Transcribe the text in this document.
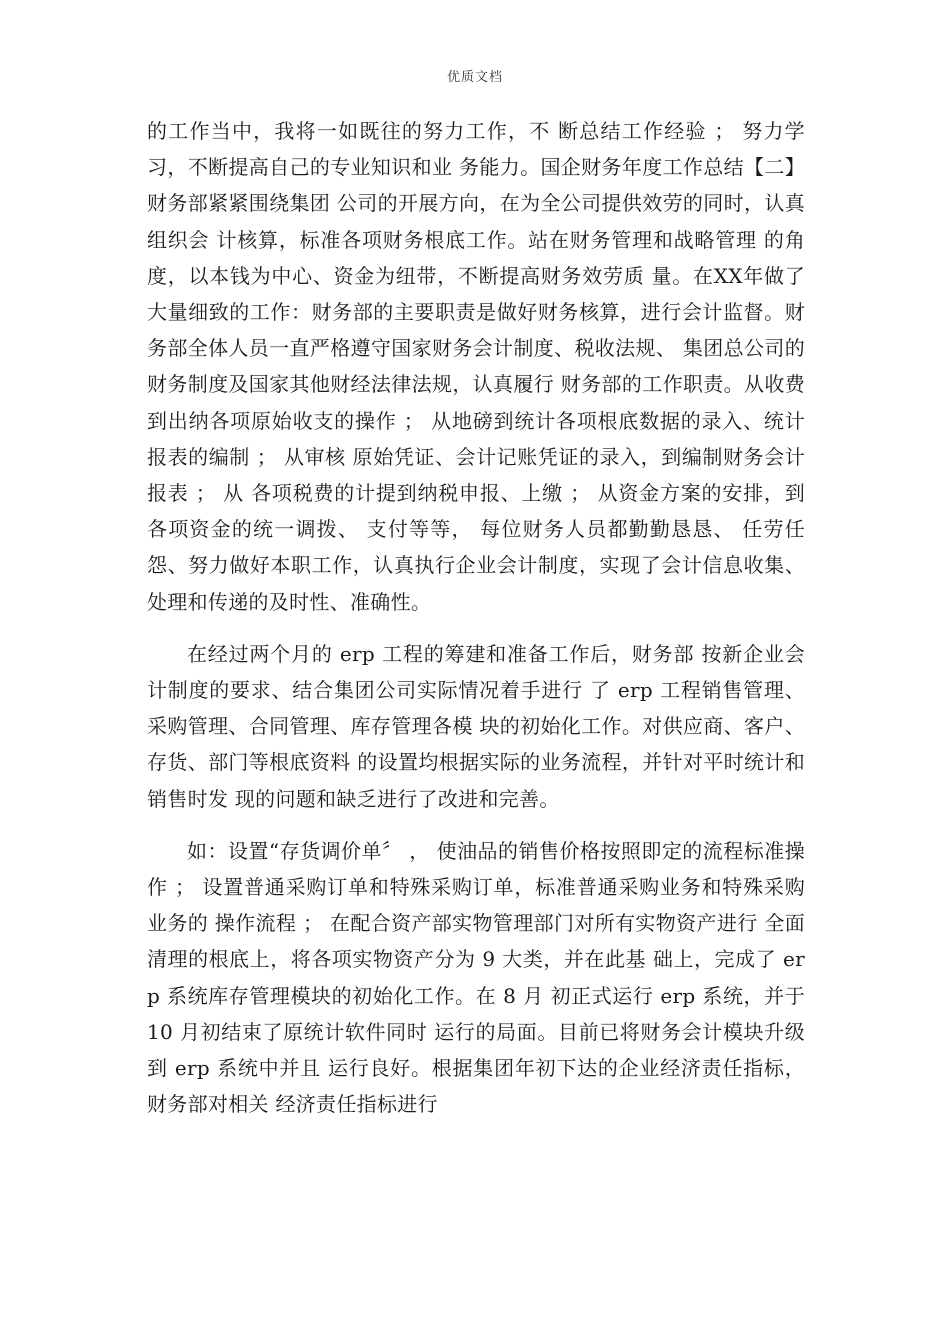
优质文档

的工作当中，我将一如既往的努力工作，不 断总结工作经验 ； 努力学习，不断提高自己的专业知识和业 务能力。国企财务年度工作总结【二】 财务部紧紧围绕集团 公司的开展方向，在为全公司提供效劳的同时，认真组织会 计核算，标准各项财务根底工作。站在财务管理和战略管理 的角度，以本钱为中心、资金为纽带，不断提高财务效劳质 量。在XX年做了大量细致的工作：财务部的主要职责是做好财务核算，进行会计监督。财 务部全体人员一直严格遵守国家财务会计制度、税收法规、 集团总公司的财务制度及国家其他财经法律法规，认真履行 财务部的工作职责。从收费到出纳各项原始收支的操作 ； 从地磅到统计各项根底数据的录入、统计报表的编制 ； 从审核 原始凭证、会计记账凭证的录入，到编制财务会计报表 ； 从 各项税费的计提到纳税申报、上缴 ； 从资金方案的安排，到 各项资金的统一调拨、 支付等等， 每位财务人员都勤勤恳恳、 任劳任怨、努力做好本职工作，认真执行企业会计制度，实现了会计信息收集、处理和传递的及时性、准确性。

在经过两个月的 erp 工程的筹建和准备工作后，财务部 按新企业会计制度的要求、结合集团公司实际情况着手进行 了 erp 工程销售管理、采购管理、合同管理、库存管理各模 块的初始化工作。对供应商、客户、存货、部门等根底资料 的设置均根据实际的业务流程，并针对平时统计和销售时发 现的问题和缺乏进行了改进和完善。

如：设置“存货调价单〞 ， 使油品的销售价格按照即定的流程标准操作 ； 设置普通采购订单和特殊采购订单，标准普通采购业务和特殊采购业务的 操作流程 ； 在配合资产部实物管理部门对所有实物资产进行 全面清理的根底上，将各项实物资产分为 9 大类，并在此基 础上，完成了 erp 系统库存管理模块的初始化工作。在 8 月 初正式运行 erp 系统，并于 10 月初结束了原统计软件同时 运行的局面。目前已将财务会计模块升级到 erp 系统中并且 运行良好。根据集团年初下达的企业经济责任指标，财务部对相关 经济责任指标进行
